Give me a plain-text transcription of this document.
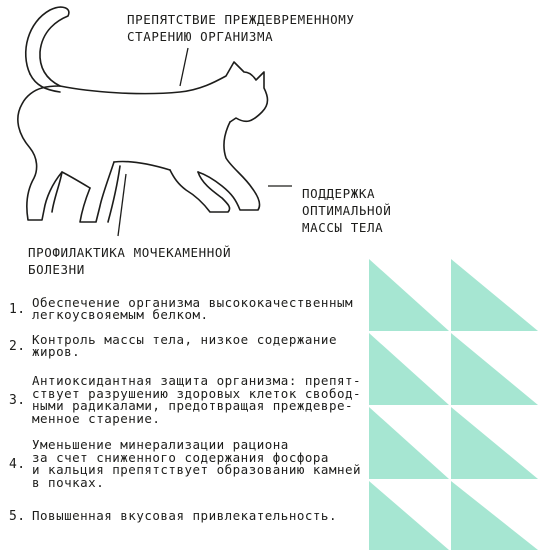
ПРЕПЯТСТВИЕ ПРЕЖДЕВРЕМЕННОМУ
СТАРЕНИЮ ОРГАНИЗМА
ПОДДЕРЖКА
ОПТИМАЛЬНОЙ
МАССЫ ТЕЛА
ПРОФИЛАКТИКА МОЧЕКАМЕННОЙ
БОЛЕЗНИ
1. Обеспечение организма высококачественным
легкоусвояемым белком.
2. Контроль массы тела, низкое содержание
жиров.
3.
Антиоксидантная защита организма: препят-
ствует разрушению здоровых клеток свобод-
ными радикалами, предотвращая преждевре-
менное старение.
4.
Уменьшение минерализации рациона
за счет сниженного содержания фосфора
и кальция препятствует образованию камней
в почках.
5. Повышенная вкусовая привлекательность.
